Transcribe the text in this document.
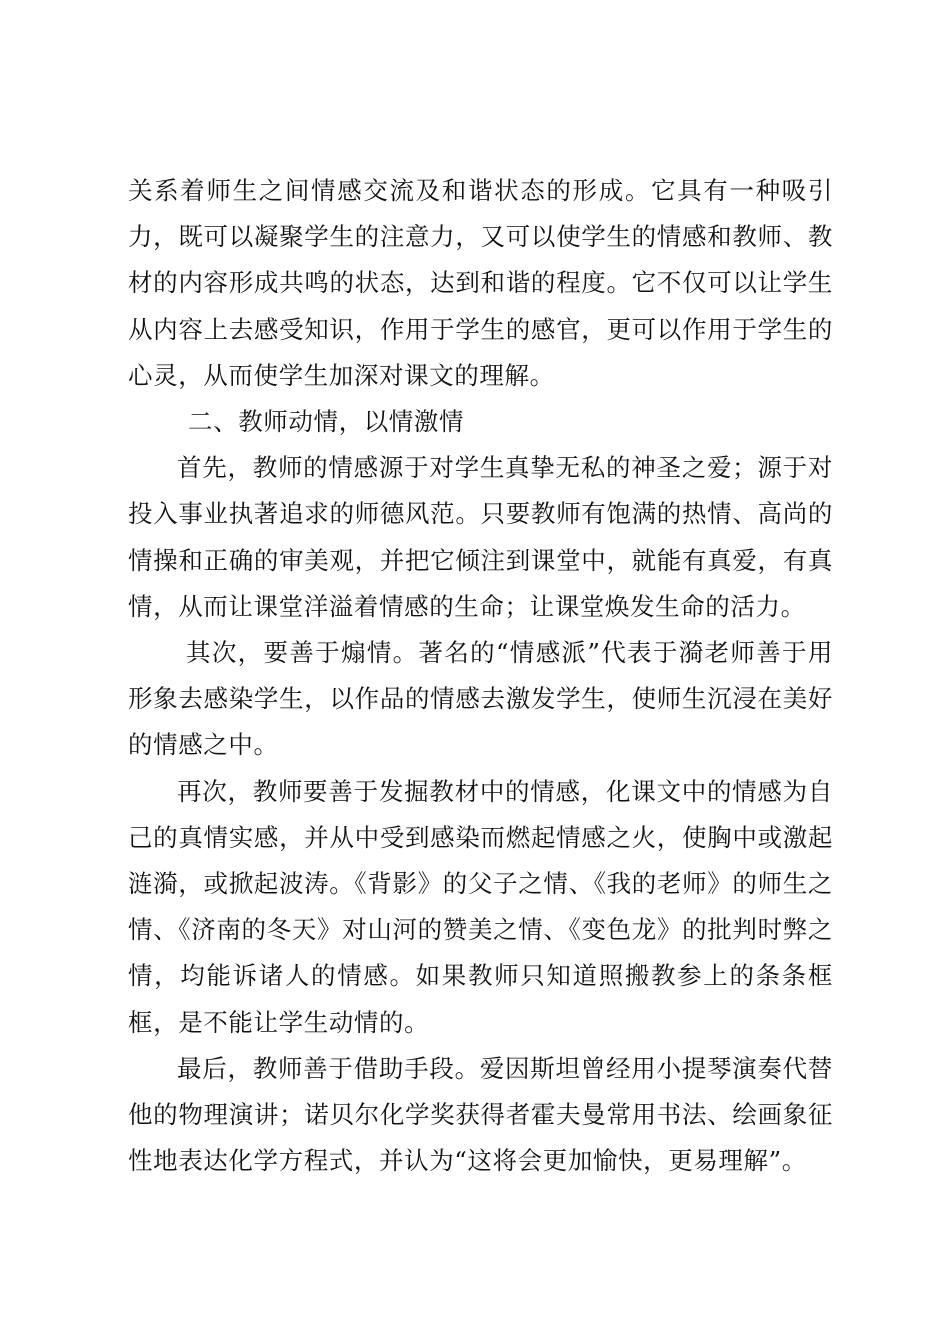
关系着师生之间情感交流及和谐状态的形成。它具有一种吸引力，既可以凝聚学生的注意力，又可以使学生的情感和教师、教材的内容形成共鸣的状态，达到和谐的程度。它不仅可以让学生从内容上去感受知识，作用于学生的感官，更可以作用于学生的心灵，从而使学生加深对课文的理解。

二、教师动情，以情激情

首先，教师的情感源于对学生真挚无私的神圣之爱；源于对投入事业执著追求的师德风范。只要教师有饱满的热情、高尚的情操和正确的审美观，并把它倾注到课堂中，就能有真爱，有真情，从而让课堂洋溢着情感的生命；让课堂焕发生命的活力。

其次，要善于煽情。著名的“情感派”代表于漪老师善于用形象去感染学生，以作品的情感去激发学生，使师生沉浸在美好的情感之中。

再次，教师要善于发掘教材中的情感，化课文中的情感为自己的真情实感，并从中受到感染而燃起情感之火，使胸中或激起涟漪，或掀起波涛。《背影》的父子之情、《我的老师》的师生之情、《济南的冬天》对山河的赞美之情、《变色龙》的批判时弊之情，均能诉诸人的情感。如果教师只知道照搬教参上的条条框框，是不能让学生动情的。

最后，教师善于借助手段。爱因斯坦曾经用小提琴演奏代替他的物理演讲；诺贝尔化学奖获得者霍夫曼常用书法、绘画象征性地表达化学方程式，并认为“这将会更加愉快，更易理解”。
